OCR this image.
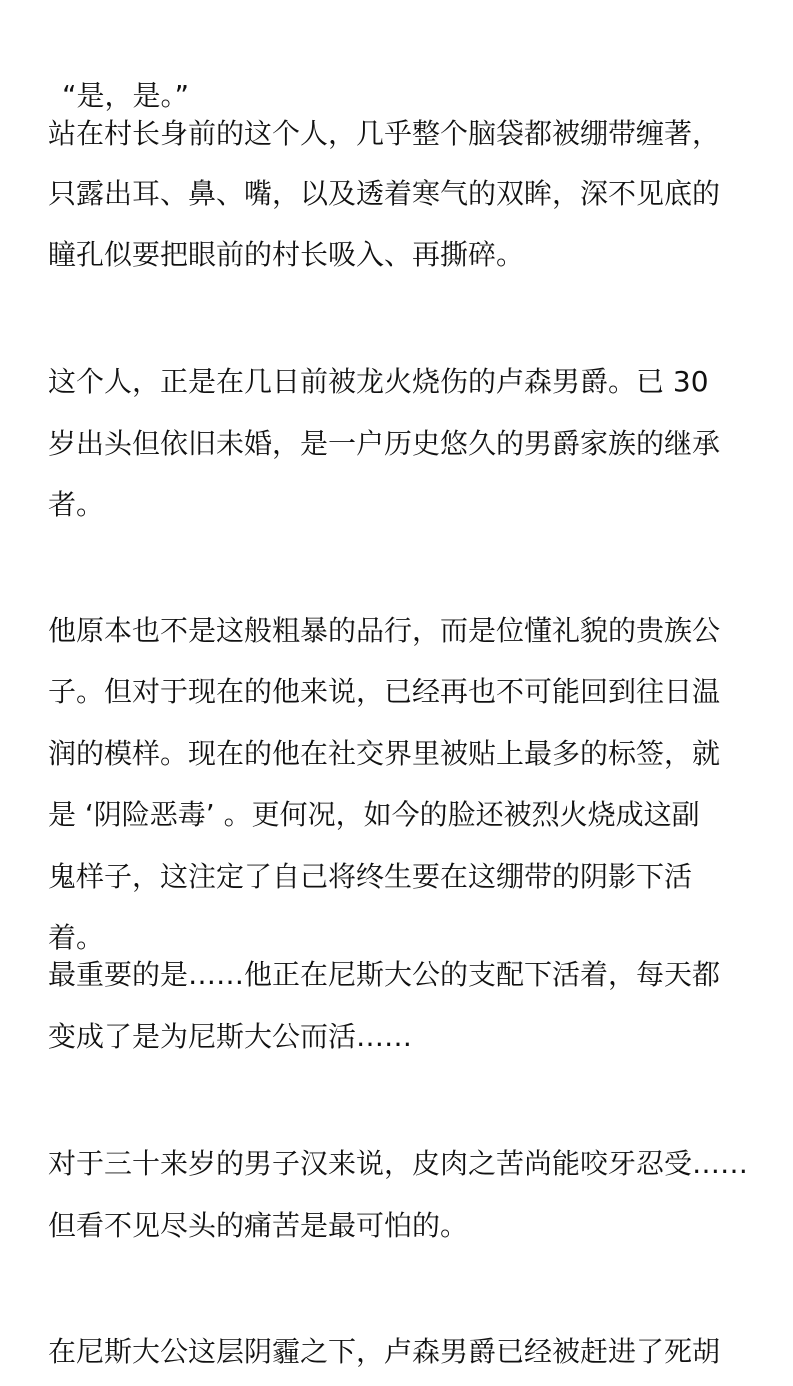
“是，是。”
站在村长身前的这个人，几乎整个脑袋都被绷带缠著，
只露出耳、鼻、嘴，以及透着寒气的双眸，深不见底的
瞳孔似要把眼前的村长吸入、再撕碎。
这个人，正是在几日前被龙火烧伤的卢森男爵。已 30
岁出头但依旧未婚，是一户历史悠久的男爵家族的继承
者。
他原本也不是这般粗暴的品行，而是位懂礼貌的贵族公
子。但对于现在的他来说，已经再也不可能回到往日温
润的模样。现在的他在社交界里被贴上最多的标签，就
是 ‘阴险恶毒’ 。更何况，如今的脸还被烈火烧成这副
鬼样子，这注定了自己将终生要在这绷带的阴影下活
着。
最重要的是……他正在尼斯大公的支配下活着，每天都
变成了是为尼斯大公而活……
对于三十来岁的男子汉来说，皮肉之苦尚能咬牙忍受……
但看不见尽头的痛苦是最可怕的。
在尼斯大公这层阴霾之下，卢森男爵已经被赶进了死胡
